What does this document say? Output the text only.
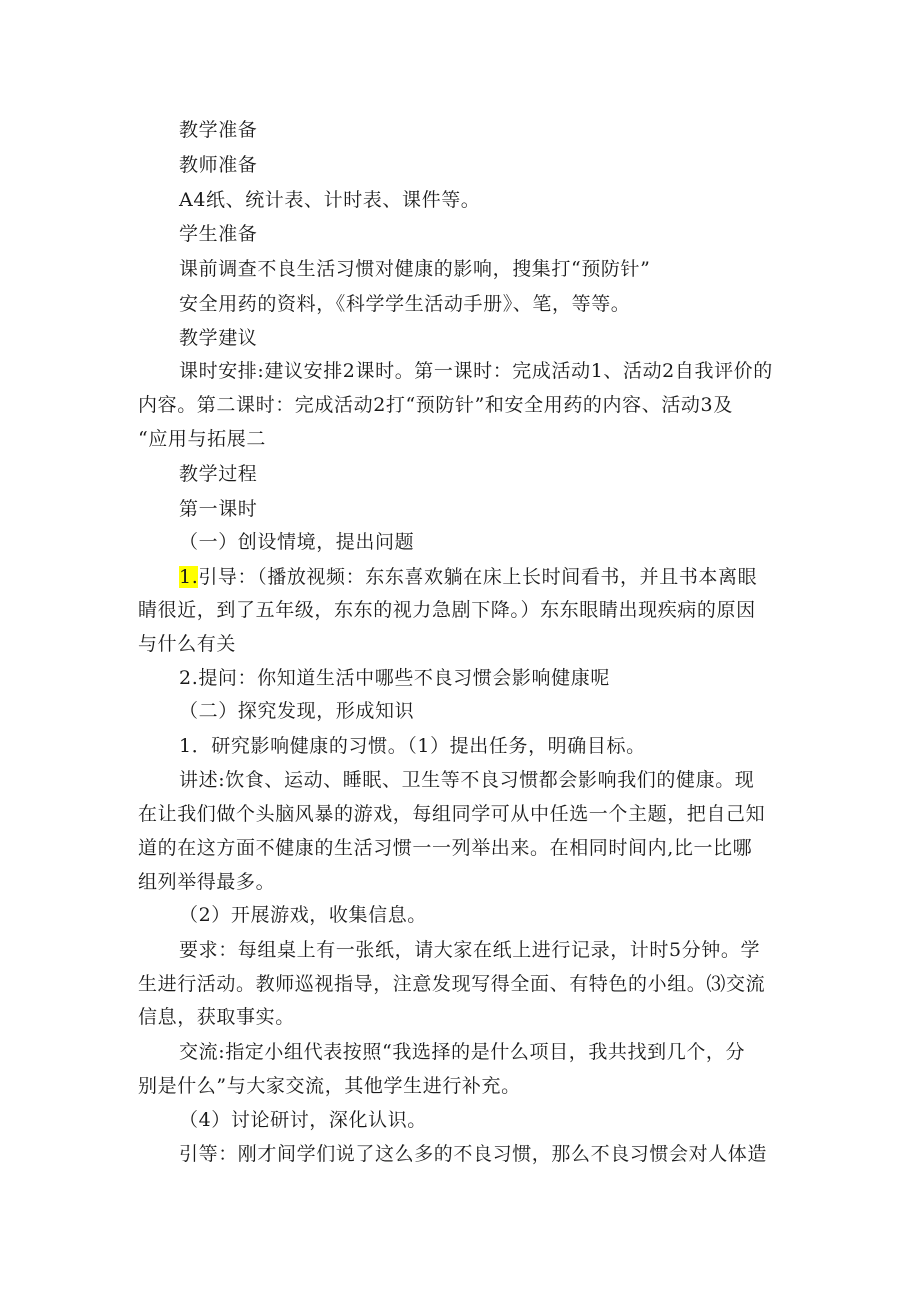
教学准备
教师准备
A4纸、统计表、计时表、课件等。
学生准备
课前调查不良生活习惯对健康的影响，搜集打“预防针”
安全用药的资料，《科学学生活动手册》、笔，等等。
教学建议
课时安排:建议安排2课时。第一课时：完成活动1、活动2自我评价的
内容。第二课时：完成活动2打“预防针”和安全用药的内容、活动3及
“应用与拓展二
教学过程
第一课时
（一）创设情境，提出问题
1.引导：（播放视频：东东喜欢躺在床上长时间看书，并且书本离眼
睛很近，到了五年级，东东的视力急剧下降。）东东眼睛出现疾病的原因
与什么有关
2.提问：你知道生活中哪些不良习惯会影响健康呢
（二）探究发现，形成知识
1．研究影响健康的习惯。（1）提出任务，明确目标。
讲述:饮食、运动、睡眠、卫生等不良习惯都会影响我们的健康。现
在让我们做个头脑风暴的游戏，每组同学可从中任选一个主题，把自己知
道的在这方面不健康的生活习惯一一列举出来。在相同时间内,比一比哪
组列举得最多。
（2）开展游戏，收集信息。
要求：每组桌上有一张纸，请大家在纸上进行记录，计时5分钟。学
生进行活动。教师巡视指导，注意发现写得全面、有特色的小组。⑶交流
信息，获取事实。
交流:指定小组代表按照“我选择的是什么项目，我共找到几个，分
别是什么”与大家交流，其他学生进行补充。
（4）讨论研讨，深化认识。
引等：刚才间学们说了这么多的不良习惯，那么不良习惯会对人体造
